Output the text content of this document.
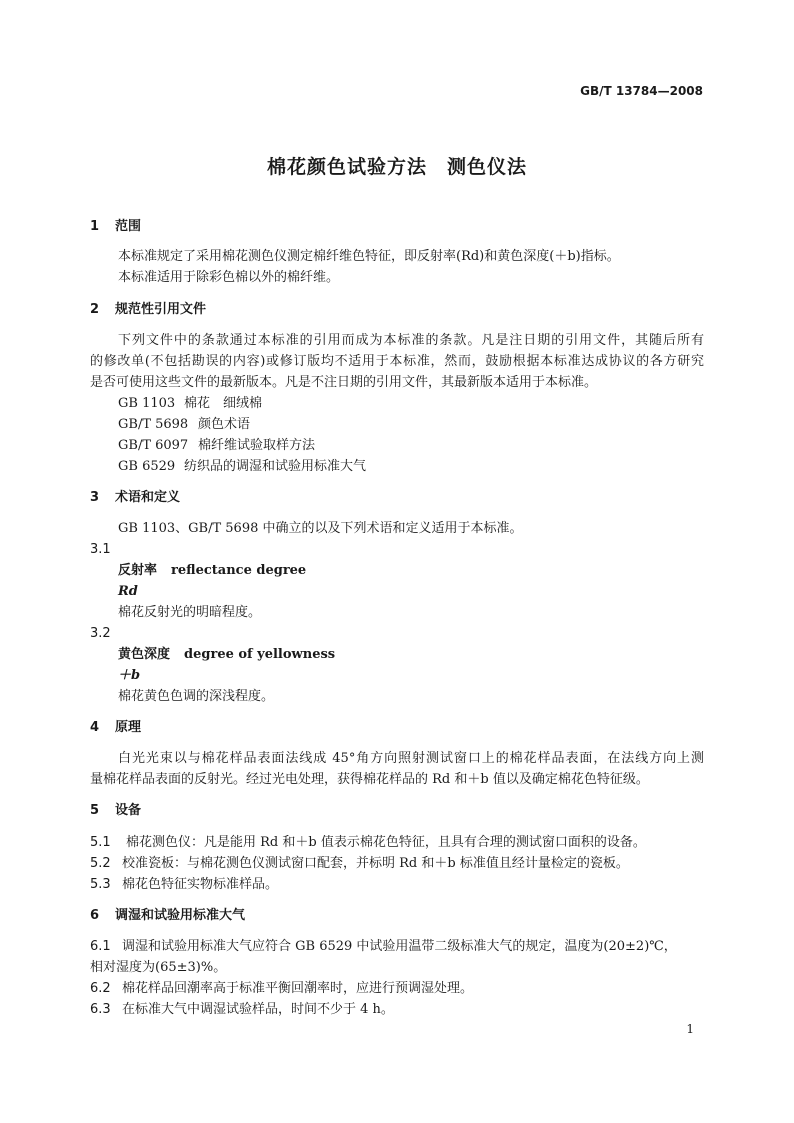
GB/T 13784—2008
棉花颜色试验方法　测色仪法
1 范围
本标准规定了采用棉花测色仪测定棉纤维色特征，即反射率(Rd)和黄色深度(＋b)指标。
本标准适用于除彩色棉以外的棉纤维。
2 规范性引用文件
下列文件中的条款通过本标准的引用而成为本标准的条款。凡是注日期的引用文件，其随后所有
的修改单(不包括勘误的内容)或修订版均不适用于本标准，然而，鼓励根据本标准达成协议的各方研究
是否可使用这些文件的最新版本。凡是不注日期的引用文件，其最新版本适用于本标准。
GB 1103 棉花　细绒棉
GB/T 5698 颜色术语
GB/T 6097 棉纤维试验取样方法
GB 6529 纺织品的调湿和试验用标准大气
3 术语和定义
GB 1103、GB/T 5698 中确立的以及下列术语和定义适用于本标准。
3.1
反射率 reflectance degree
Rd
棉花反射光的明暗程度。
3.2
黄色深度 degree of yellowness
＋b
棉花黄色色调的深浅程度。
4 原理
白光光束以与棉花样品表面法线成 45°角方向照射测试窗口上的棉花样品表面，在法线方向上测
量棉花样品表面的反射光。经过光电处理，获得棉花样品的 Rd 和＋b 值以及确定棉花色特征级。
5 设备
5.1 棉花测色仪：凡是能用 Rd 和＋b 值表示棉花色特征，且具有合理的测试窗口面积的设备。
5.2 校准瓷板：与棉花测色仪测试窗口配套，并标明 Rd 和＋b 标准值且经计量检定的瓷板。
5.3 棉花色特征实物标准样品。
6 调湿和试验用标准大气
6.1 调湿和试验用标准大气应符合 GB 6529 中试验用温带二级标准大气的规定，温度为(20±2)℃，
相对湿度为(65±3)%。
6.2 棉花样品回潮率高于标准平衡回潮率时，应进行预调湿处理。
6.3 在标准大气中调湿试验样品，时间不少于 4 h。
1
